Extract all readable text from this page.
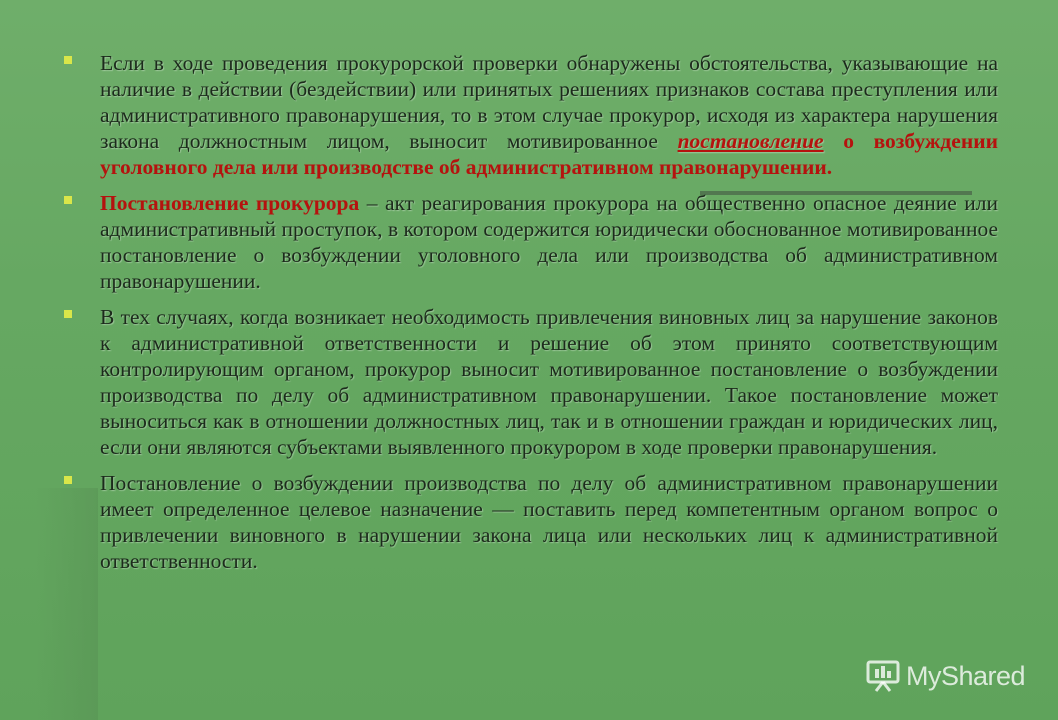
Если в ходе проведения прокурорской проверки обнаружены обстоятельства, указывающие на наличие в действии (бездействии) или принятых решениях признаков состава преступления или административного правонарушения, то в этом случае прокурор, исходя из характера нарушения закона должностным лицом, выносит мотивированное постановление о возбуждении уголовного дела или производстве об административном правонарушении.
Постановление прокурора – акт реагирования прокурора на общественно опасное деяние или административный проступок, в котором содержится юридически обоснованное мотивированное постановление о возбуждении уголовного дела или производства об административном правонарушении.
В тех случаях, когда возникает необходимость привлечения виновных лиц за нарушение законов к административной ответственности и решение об этом принято соответствующим контролирующим органом, прокурор выносит мотивированное постановление о возбуждении производства по делу об административном правонарушении. Такое постановление может выноситься как в отношении должностных лиц, так и в отношении граждан и юридических лиц, если они являются субъектами выявленного прокурором в ходе проверки правонарушения.
Постановление о возбуждении производства по делу об административном правонарушении имеет определенное целевое назначение — поставить перед компетентным органом вопрос о привлечении виновного в нарушении закона лица или нескольких лиц к административной ответственности.
MyShared
